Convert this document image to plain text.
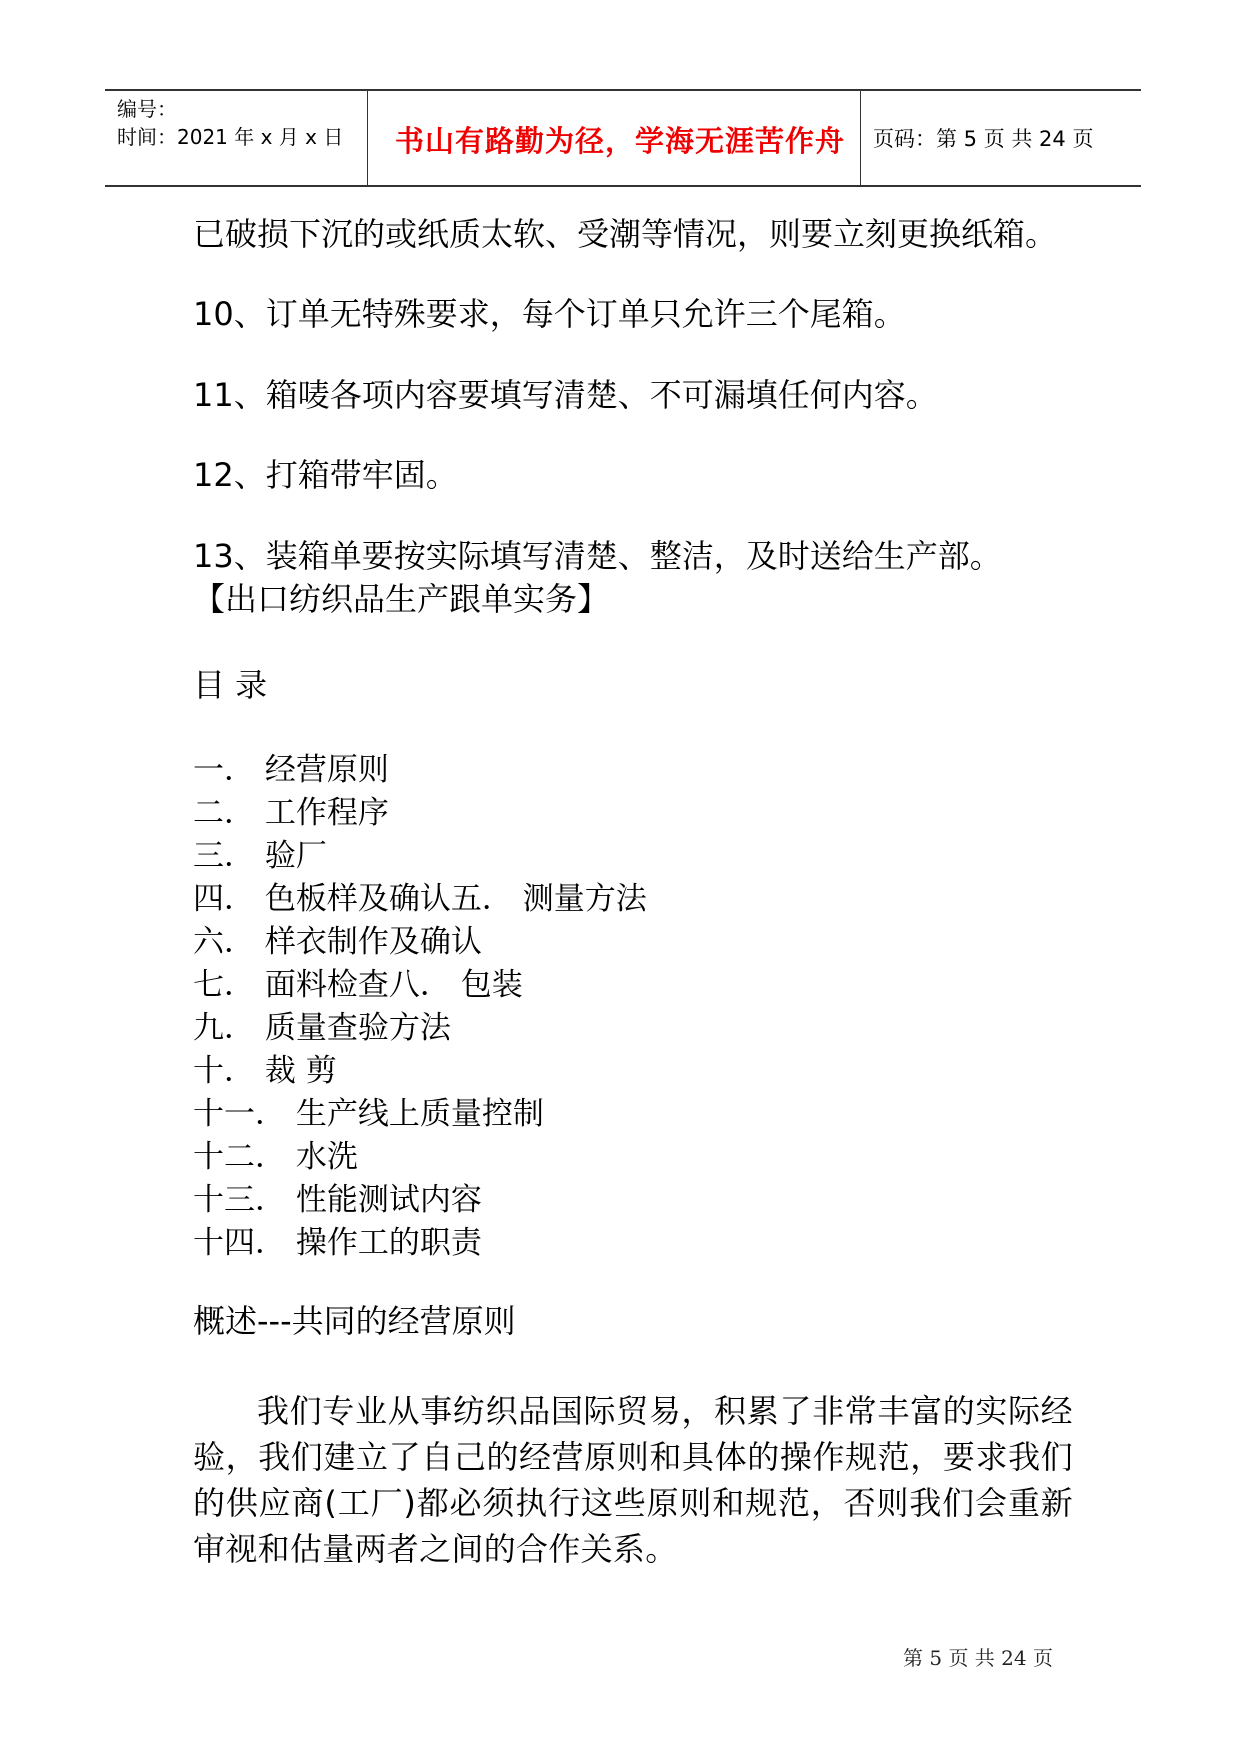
编号：
时间：2021 年 x 月 x 日	书山有路勤为径，学海无涯苦作舟	页码：第 5 页 共 24 页
已破损下沉的或纸质太软、受潮等情况，则要立刻更换纸箱。
10、订单无特殊要求，每个订单只允许三个尾箱。
11、箱唛各项内容要填写清楚、不可漏填任何内容。
12、打箱带牢固。
13、装箱单要按实际填写清楚、整洁，及时送给生产部。
【出口纺织品生产跟单实务】
目 录
一． 经营原则
二． 工作程序
三． 验厂
四． 色板样及确认五． 测量方法
六． 样衣制作及确认
七． 面料检查八． 包装
九． 质量查验方法
十． 裁 剪
十一． 生产线上质量控制
十二． 水洗
十三． 性能测试内容
十四． 操作工的职责
概述---共同的经营原则
我们专业从事纺织品国际贸易，积累了非常丰富的实际经验，我们建立了自己的经营原则和具体的操作规范，要求我们的供应商(工厂)都必须执行这些原则和规范，否则我们会重新审视和估量两者之间的合作关系。
第 5 页 共 24 页
